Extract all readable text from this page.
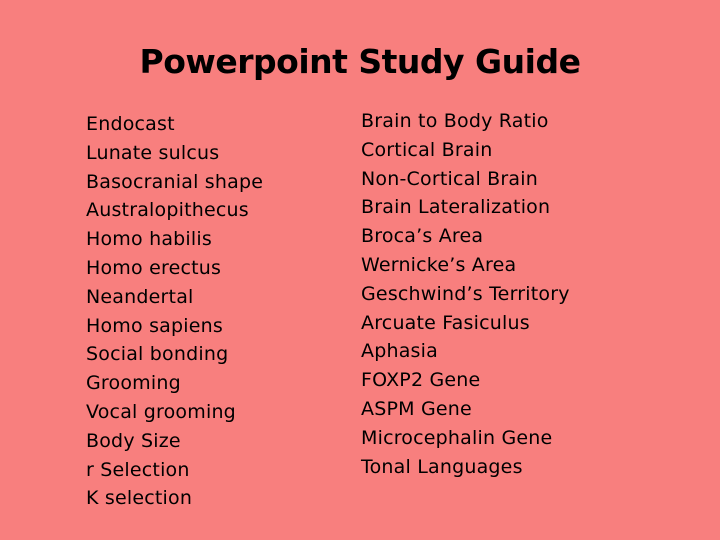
Powerpoint Study Guide
Endocast
Lunate sulcus
Basocranial shape
Australopithecus
Homo habilis
Homo erectus
Neandertal
Homo sapiens
Social bonding
Grooming
Vocal grooming
Body Size
r Selection
K selection
Brain to Body Ratio
Cortical Brain
Non-Cortical Brain
Brain Lateralization
Broca’s Area
Wernicke’s Area
Geschwind’s Territory
Arcuate Fasiculus
Aphasia
FOXP2 Gene
ASPM Gene
Microcephalin Gene
Tonal Languages
